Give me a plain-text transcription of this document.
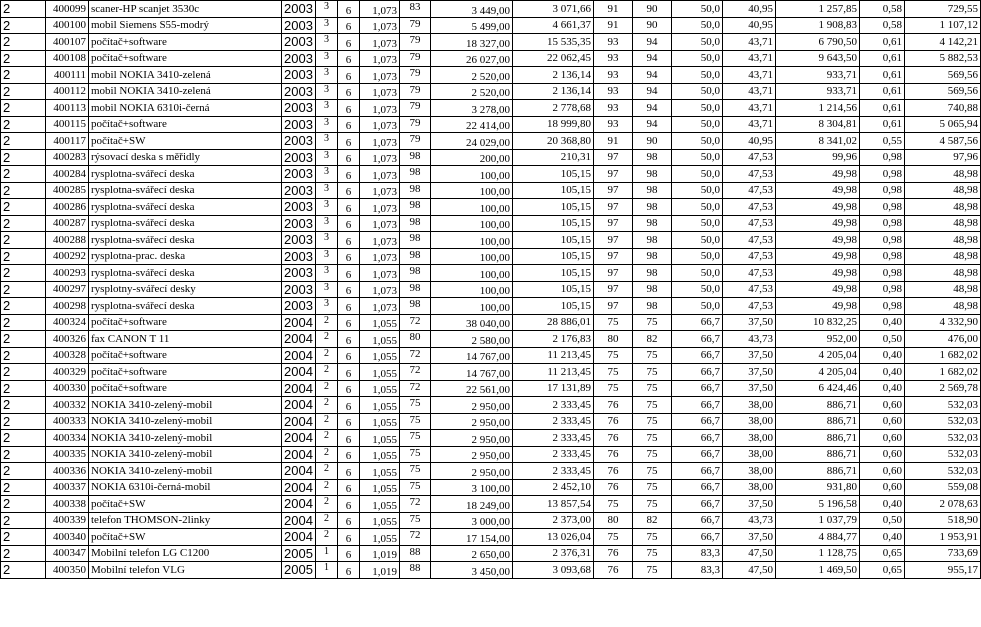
2	400099	scaner-HP scanjet 3530c	2003	3	6	1,073	83	3 449,00	3 071,66	91	90	50,0	40,95	1 257,85	0,58	729,55
2	400100	mobil Siemens S55-modrý	2003	3	6	1,073	79	5 499,00	4 661,37	91	90	50,0	40,95	1 908,83	0,58	1 107,12
2	400107	počítač+software	2003	3	6	1,073	79	18 327,00	15 535,35	93	94	50,0	43,71	6 790,50	0,61	4 142,21
2	400108	počítač+software	2003	3	6	1,073	79	26 027,00	22 062,45	93	94	50,0	43,71	9 643,50	0,61	5 882,53
2	400111	mobil NOKIA 3410-zelená	2003	3	6	1,073	79	2 520,00	2 136,14	93	94	50,0	43,71	933,71	0,61	569,56
2	400112	mobil NOKIA 3410-zelená	2003	3	6	1,073	79	2 520,00	2 136,14	93	94	50,0	43,71	933,71	0,61	569,56
2	400113	mobil NOKIA 6310i-černá	2003	3	6	1,073	79	3 278,00	2 778,68	93	94	50,0	43,71	1 214,56	0,61	740,88
2	400115	počítač+software	2003	3	6	1,073	79	22 414,00	18 999,80	93	94	50,0	43,71	8 304,81	0,61	5 065,94
2	400117	počítač+SW	2003	3	6	1,073	79	24 029,00	20 368,80	91	90	50,0	40,95	8 341,02	0,55	4 587,56
2	400283	rýsovací deska s měřidly	2003	3	6	1,073	98	200,00	210,31	97	98	50,0	47,53	99,96	0,98	97,96
2	400284	rysplotna-svářecí deska	2003	3	6	1,073	98	100,00	105,15	97	98	50,0	47,53	49,98	0,98	48,98
2	400285	rysplotna-svářecí deska	2003	3	6	1,073	98	100,00	105,15	97	98	50,0	47,53	49,98	0,98	48,98
2	400286	rysplotna-svářecí deska	2003	3	6	1,073	98	100,00	105,15	97	98	50,0	47,53	49,98	0,98	48,98
2	400287	rysplotna-svářecí deska	2003	3	6	1,073	98	100,00	105,15	97	98	50,0	47,53	49,98	0,98	48,98
2	400288	rysplotna-svářecí deska	2003	3	6	1,073	98	100,00	105,15	97	98	50,0	47,53	49,98	0,98	48,98
2	400292	rysplotna-prac. deska	2003	3	6	1,073	98	100,00	105,15	97	98	50,0	47,53	49,98	0,98	48,98
2	400293	rysplotna-svářecí deska	2003	3	6	1,073	98	100,00	105,15	97	98	50,0	47,53	49,98	0,98	48,98
2	400297	rysplotny-svářecí desky	2003	3	6	1,073	98	100,00	105,15	97	98	50,0	47,53	49,98	0,98	48,98
2	400298	rysplotna-svářecí deska	2003	3	6	1,073	98	100,00	105,15	97	98	50,0	47,53	49,98	0,98	48,98
2	400324	počítač+software	2004	2	6	1,055	72	38 040,00	28 886,01	75	75	66,7	37,50	10 832,25	0,40	4 332,90
2	400326	fax CANON T 11	2004	2	6	1,055	80	2 580,00	2 176,83	80	82	66,7	43,73	952,00	0,50	476,00
2	400328	počítač+software	2004	2	6	1,055	72	14 767,00	11 213,45	75	75	66,7	37,50	4 205,04	0,40	1 682,02
2	400329	počítač+software	2004	2	6	1,055	72	14 767,00	11 213,45	75	75	66,7	37,50	4 205,04	0,40	1 682,02
2	400330	počítač+software	2004	2	6	1,055	72	22 561,00	17 131,89	75	75	66,7	37,50	6 424,46	0,40	2 569,78
2	400332	NOKIA 3410-zelený-mobil	2004	2	6	1,055	75	2 950,00	2 333,45	76	75	66,7	38,00	886,71	0,60	532,03
2	400333	NOKIA 3410-zelený-mobil	2004	2	6	1,055	75	2 950,00	2 333,45	76	75	66,7	38,00	886,71	0,60	532,03
2	400334	NOKIA 3410-zelený-mobil	2004	2	6	1,055	75	2 950,00	2 333,45	76	75	66,7	38,00	886,71	0,60	532,03
2	400335	NOKIA 3410-zelený-mobil	2004	2	6	1,055	75	2 950,00	2 333,45	76	75	66,7	38,00	886,71	0,60	532,03
2	400336	NOKIA 3410-zelený-mobil	2004	2	6	1,055	75	2 950,00	2 333,45	76	75	66,7	38,00	886,71	0,60	532,03
2	400337	NOKIA 6310i-černá-mobil	2004	2	6	1,055	75	3 100,00	2 452,10	76	75	66,7	38,00	931,80	0,60	559,08
2	400338	počítač+SW	2004	2	6	1,055	72	18 249,00	13 857,54	75	75	66,7	37,50	5 196,58	0,40	2 078,63
2	400339	telefon THOMSON-2linky	2004	2	6	1,055	75	3 000,00	2 373,00	80	82	66,7	43,73	1 037,79	0,50	518,90
2	400340	počítač+SW	2004	2	6	1,055	72	17 154,00	13 026,04	75	75	66,7	37,50	4 884,77	0,40	1 953,91
2	400347	Mobilní telefon LG C1200	2005	1	6	1,019	88	2 650,00	2 376,31	76	75	83,3	47,50	1 128,75	0,65	733,69
2	400350	Mobilní telefon VLG	2005	1	6	1,019	88	3 450,00	3 093,68	76	75	83,3	47,50	1 469,50	0,65	955,17
